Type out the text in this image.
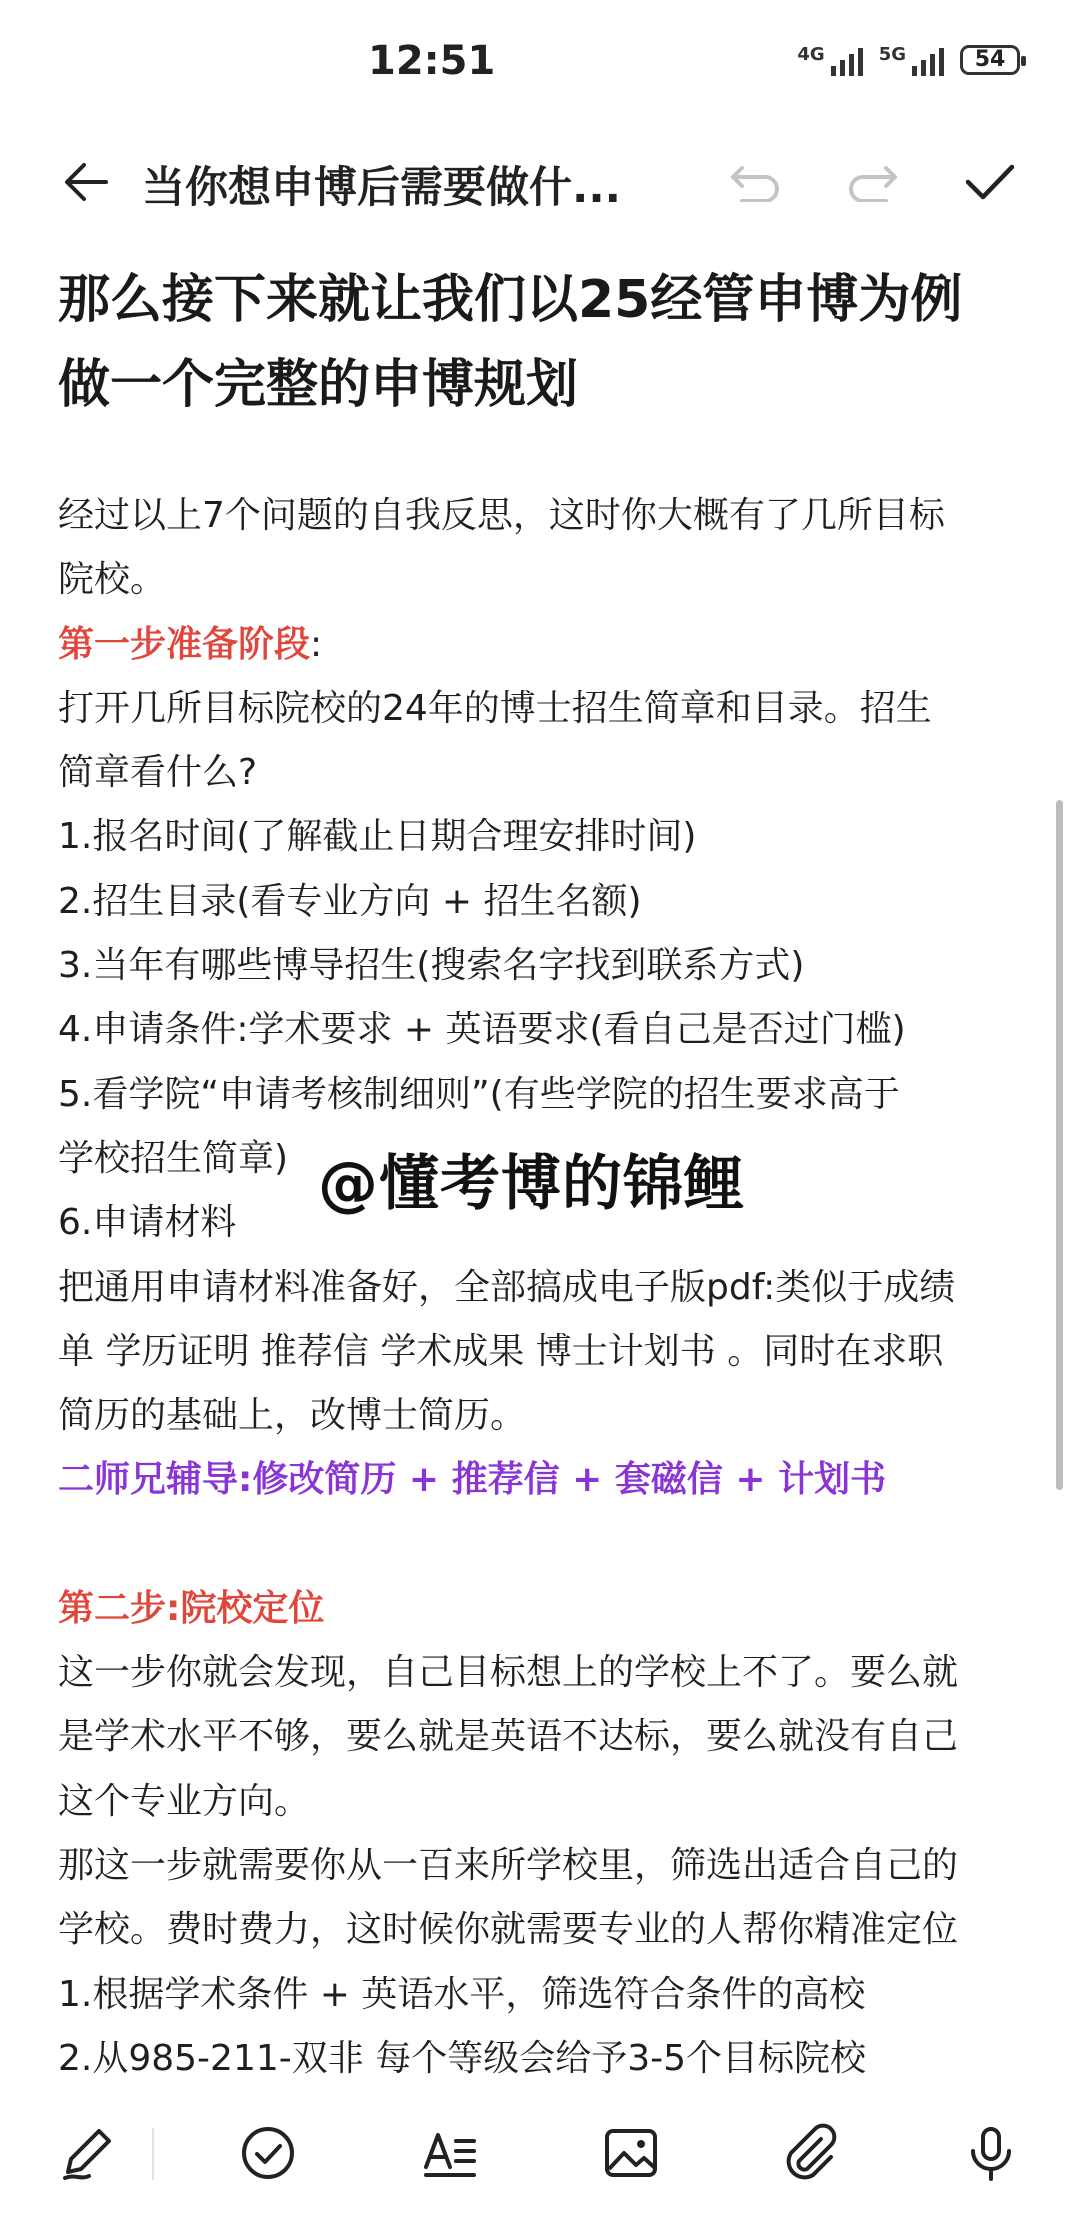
12:51	4G	5G	54
当你想申博后需要做什...

那么接下来就让我们以25经管申博为例

做一个完整的申博规划

经过以上7个问题的自我反思，这时你大概有了几所目标

院校。

第一步准备阶段:

打开几所目标院校的24年的博士招生简章和目录。招生

简章看什么?

1.报名时间(了解截止日期合理安排时间)

2.招生目录(看专业方向 + 招生名额)

3.当年有哪些博导招生(搜索名字找到联系方式)

4.申请条件:学术要求 + 英语要求(看自己是否过门槛)

5.看学院“申请考核制细则”(有些学院的招生要求高于

学校招生简章)

6.申请材料

把通用申请材料准备好，全部搞成电子版pdf:类似于成绩

单 学历证明 推荐信 学术成果 博士计划书 。同时在求职

简历的基础上，改博士简历。

二师兄辅导:修改简历 + 推荐信 + 套磁信 + 计划书

第二步:院校定位

这一步你就会发现，自己目标想上的学校上不了。要么就

是学术水平不够，要么就是英语不达标，要么就没有自己

这个专业方向。

那这一步就需要你从一百来所学校里，筛选出适合自己的

学校。费时费力，这时候你就需要专业的人帮你精准定位

1.根据学术条件 + 英语水平，筛选符合条件的高校

2.从985-211-双非 每个等级会给予3-5个目标院校

@懂考博的锦鲤
